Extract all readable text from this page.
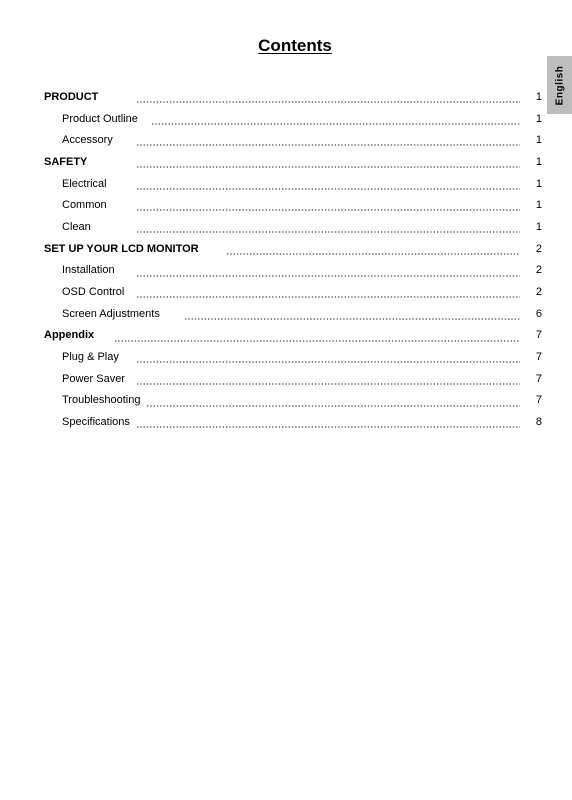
Contents
English
PRODUCT	1
Product Outline	1
Accessory	1
SAFETY	1
Electrical	1
Common	1
Clean	1
SET UP YOUR LCD MONITOR	2
Installation	2
OSD Control	2
Screen Adjustments	6
Appendix	7
Plug & Play	7
Power Saver	7
Troubleshooting	7
Specifications	8
